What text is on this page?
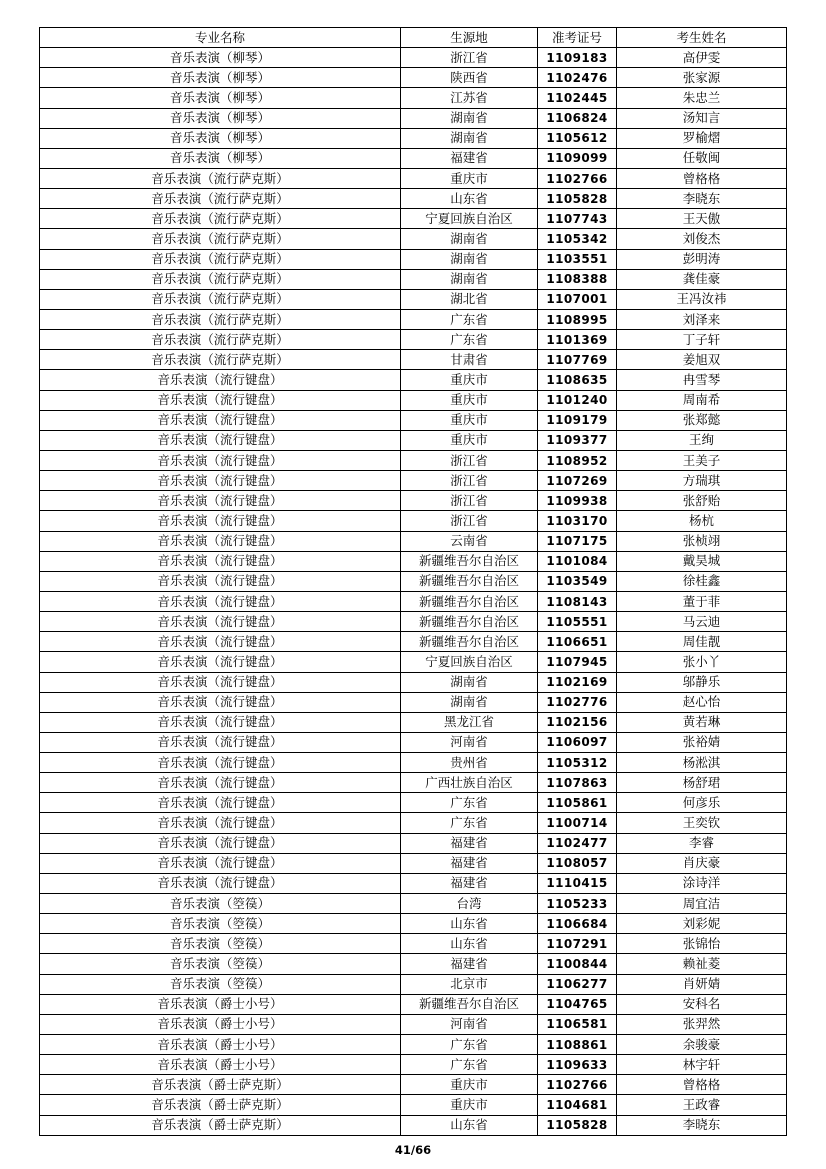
专业名称	生源地	准考证号	考生姓名
音乐表演（柳琴）	浙江省	1109183	高伊雯
音乐表演（柳琴）	陕西省	1102476	张家源
音乐表演（柳琴）	江苏省	1102445	朱忠兰
音乐表演（柳琴）	湖南省	1106824	汤知言
音乐表演（柳琴）	湖南省	1105612	罗榆熠
音乐表演（柳琴）	福建省	1109099	任敬闽
音乐表演（流行萨克斯）	重庆市	1102766	曾格格
音乐表演（流行萨克斯）	山东省	1105828	李晓东
音乐表演（流行萨克斯）	宁夏回族自治区	1107743	王天傲
音乐表演（流行萨克斯）	湖南省	1105342	刘俊杰
音乐表演（流行萨克斯）	湖南省	1103551	彭明涛
音乐表演（流行萨克斯）	湖南省	1108388	龚佳豪
音乐表演（流行萨克斯）	湖北省	1107001	王冯汝祎
音乐表演（流行萨克斯）	广东省	1108995	刘泽来
音乐表演（流行萨克斯）	广东省	1101369	丁子轩
音乐表演（流行萨克斯）	甘肃省	1107769	姜旭双
音乐表演（流行键盘）	重庆市	1108635	冉雪琴
音乐表演（流行键盘）	重庆市	1101240	周南希
音乐表演（流行键盘）	重庆市	1109179	张郑懿
音乐表演（流行键盘）	重庆市	1109377	王绚
音乐表演（流行键盘）	浙江省	1108952	王美子
音乐表演（流行键盘）	浙江省	1107269	方瑞琪
音乐表演（流行键盘）	浙江省	1109938	张舒贻
音乐表演（流行键盘）	浙江省	1103170	杨杭
音乐表演（流行键盘）	云南省	1107175	张桢翊
音乐表演（流行键盘）	新疆维吾尔自治区	1101084	戴昊城
音乐表演（流行键盘）	新疆维吾尔自治区	1103549	徐桂鑫
音乐表演（流行键盘）	新疆维吾尔自治区	1108143	董于菲
音乐表演（流行键盘）	新疆维吾尔自治区	1105551	马云迪
音乐表演（流行键盘）	新疆维吾尔自治区	1106651	周佳靓
音乐表演（流行键盘）	宁夏回族自治区	1107945	张小丫
音乐表演（流行键盘）	湖南省	1102169	邬静乐
音乐表演（流行键盘）	湖南省	1102776	赵心怡
音乐表演（流行键盘）	黑龙江省	1102156	黄若琳
音乐表演（流行键盘）	河南省	1106097	张裕婧
音乐表演（流行键盘）	贵州省	1105312	杨淞淇
音乐表演（流行键盘）	广西壮族自治区	1107863	杨舒珺
音乐表演（流行键盘）	广东省	1105861	何彦乐
音乐表演（流行键盘）	广东省	1100714	王奕钦
音乐表演（流行键盘）	福建省	1102477	李睿
音乐表演（流行键盘）	福建省	1108057	肖庆豪
音乐表演（流行键盘）	福建省	1110415	涂诗洋
音乐表演（箜篌）	台湾	1105233	周宜洁
音乐表演（箜篌）	山东省	1106684	刘彩妮
音乐表演（箜篌）	山东省	1107291	张锦怡
音乐表演（箜篌）	福建省	1100844	赖祉菱
音乐表演（箜篌）	北京市	1106277	肖妍婧
音乐表演（爵士小号）	新疆维吾尔自治区	1104765	安科名
音乐表演（爵士小号）	河南省	1106581	张羿然
音乐表演（爵士小号）	广东省	1108861	余骏豪
音乐表演（爵士小号）	广东省	1109633	林宇轩
音乐表演（爵士萨克斯）	重庆市	1102766	曾格格
音乐表演（爵士萨克斯）	重庆市	1104681	王政睿
音乐表演（爵士萨克斯）	山东省	1105828	李晓东
41/66
